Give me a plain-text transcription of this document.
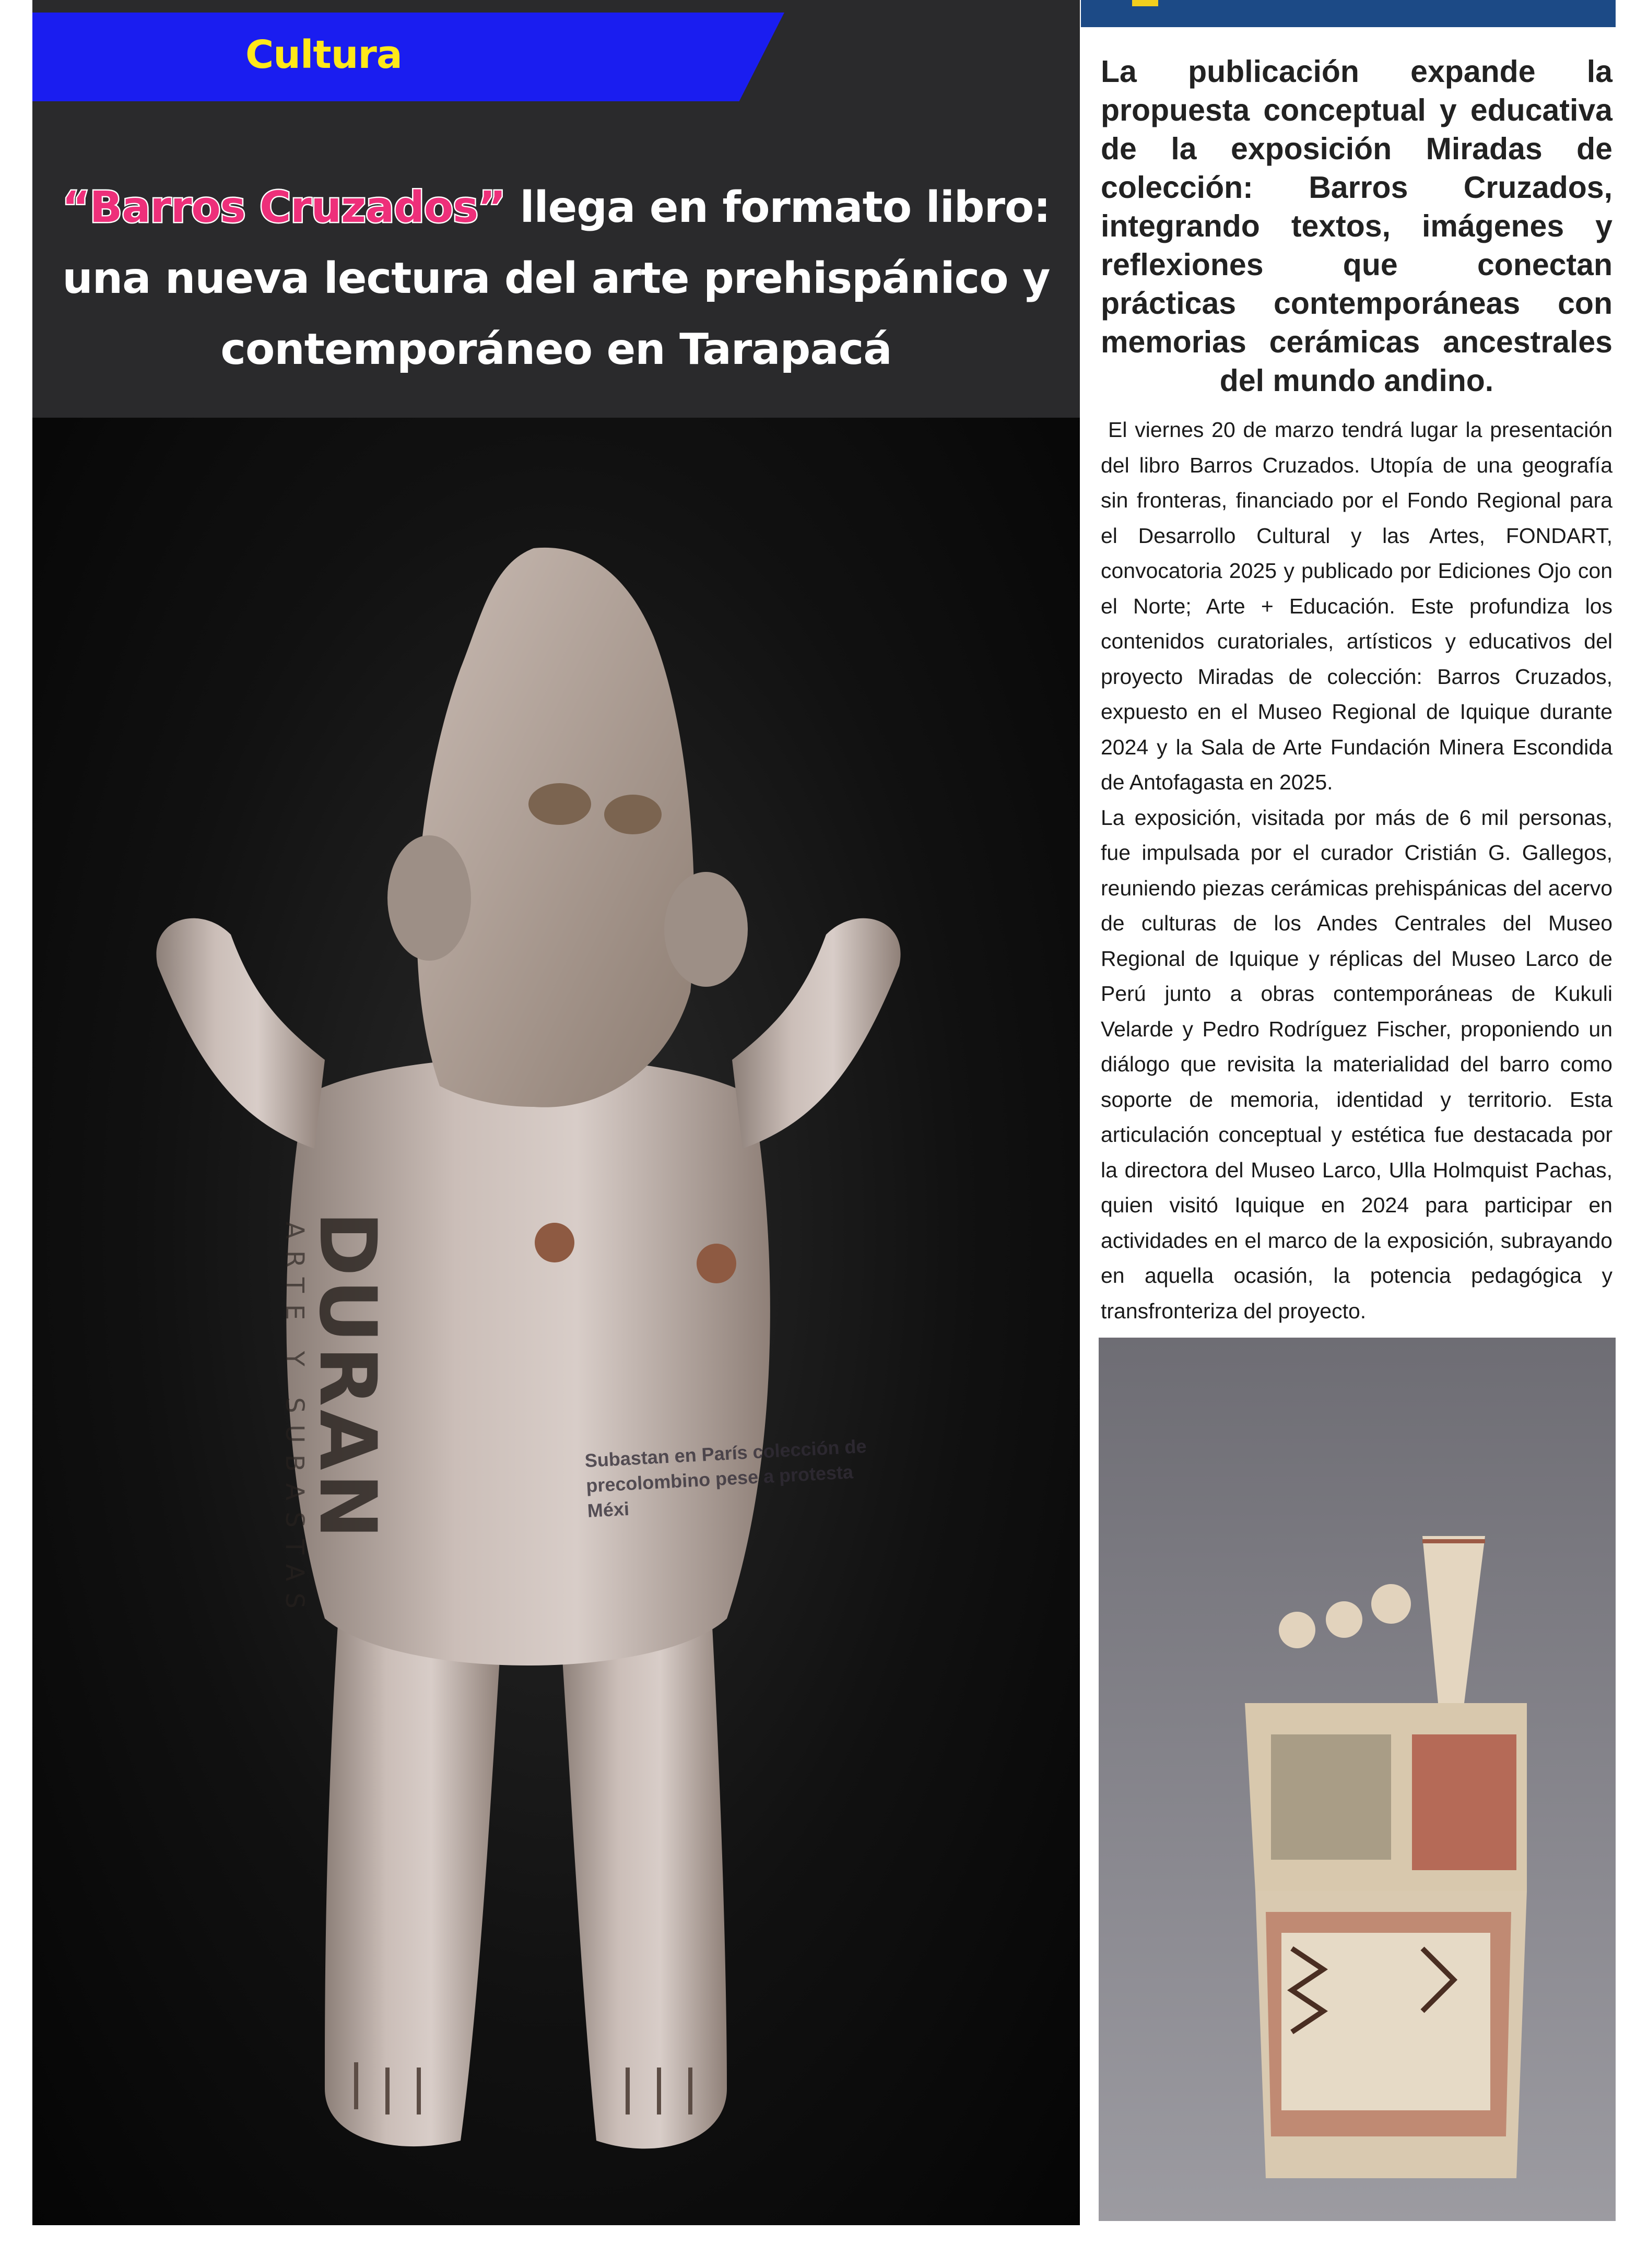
Cultura
“Barros Cruzados” llega en formato libro:
una nueva lectura del arte prehispánico y
contemporáneo en Tarapacá
DURAN
ARTE Y SUBASTAS	Subastan en París colección de
precolombino pese a protesta
Méxi
La publicación expande la propuesta conceptual y educativa de la exposición Miradas de colección: Barros Cruzados, integrando textos, imágenes y reflexiones que conectan prácticas contemporáneas con memorias cerámicas ancestrales del mundo andino.

El viernes 20 de marzo tendrá lugar la presentación del libro Barros Cruzados. Utopía de una geografía sin fronteras, financiado por el Fondo Regional para el Desarrollo Cultural y las Artes, FONDART, convocatoria 2025 y publicado por Ediciones Ojo con el Norte; Arte + Educación. Este profundiza los contenidos curatoriales, artísticos y educativos del proyecto Miradas de colección: Barros Cruzados, expuesto en el Museo Regional de Iquique durante 2024 y la Sala de Arte Fundación Minera Escondida de Antofagasta en 2025.

La exposición, visitada por más de 6 mil personas, fue impulsada por el curador Cristián G. Gallegos, reuniendo piezas cerámicas prehispánicas del acervo de culturas de los Andes Centrales del Museo Regional de Iquique y réplicas del Museo Larco de Perú junto a obras contemporáneas de Kukuli Velarde y Pedro Rodríguez Fischer, proponiendo un diálogo que revisita la materialidad del barro como soporte de memoria, identidad y territorio. Esta articulación conceptual y estética fue destacada por la directora del Museo Larco, Ulla Holmquist Pachas, quien visitó Iquique en 2024 para participar en actividades en el marco de la exposición, subrayando en aquella ocasión, la potencia pedagógica y transfronteriza del proyecto.
